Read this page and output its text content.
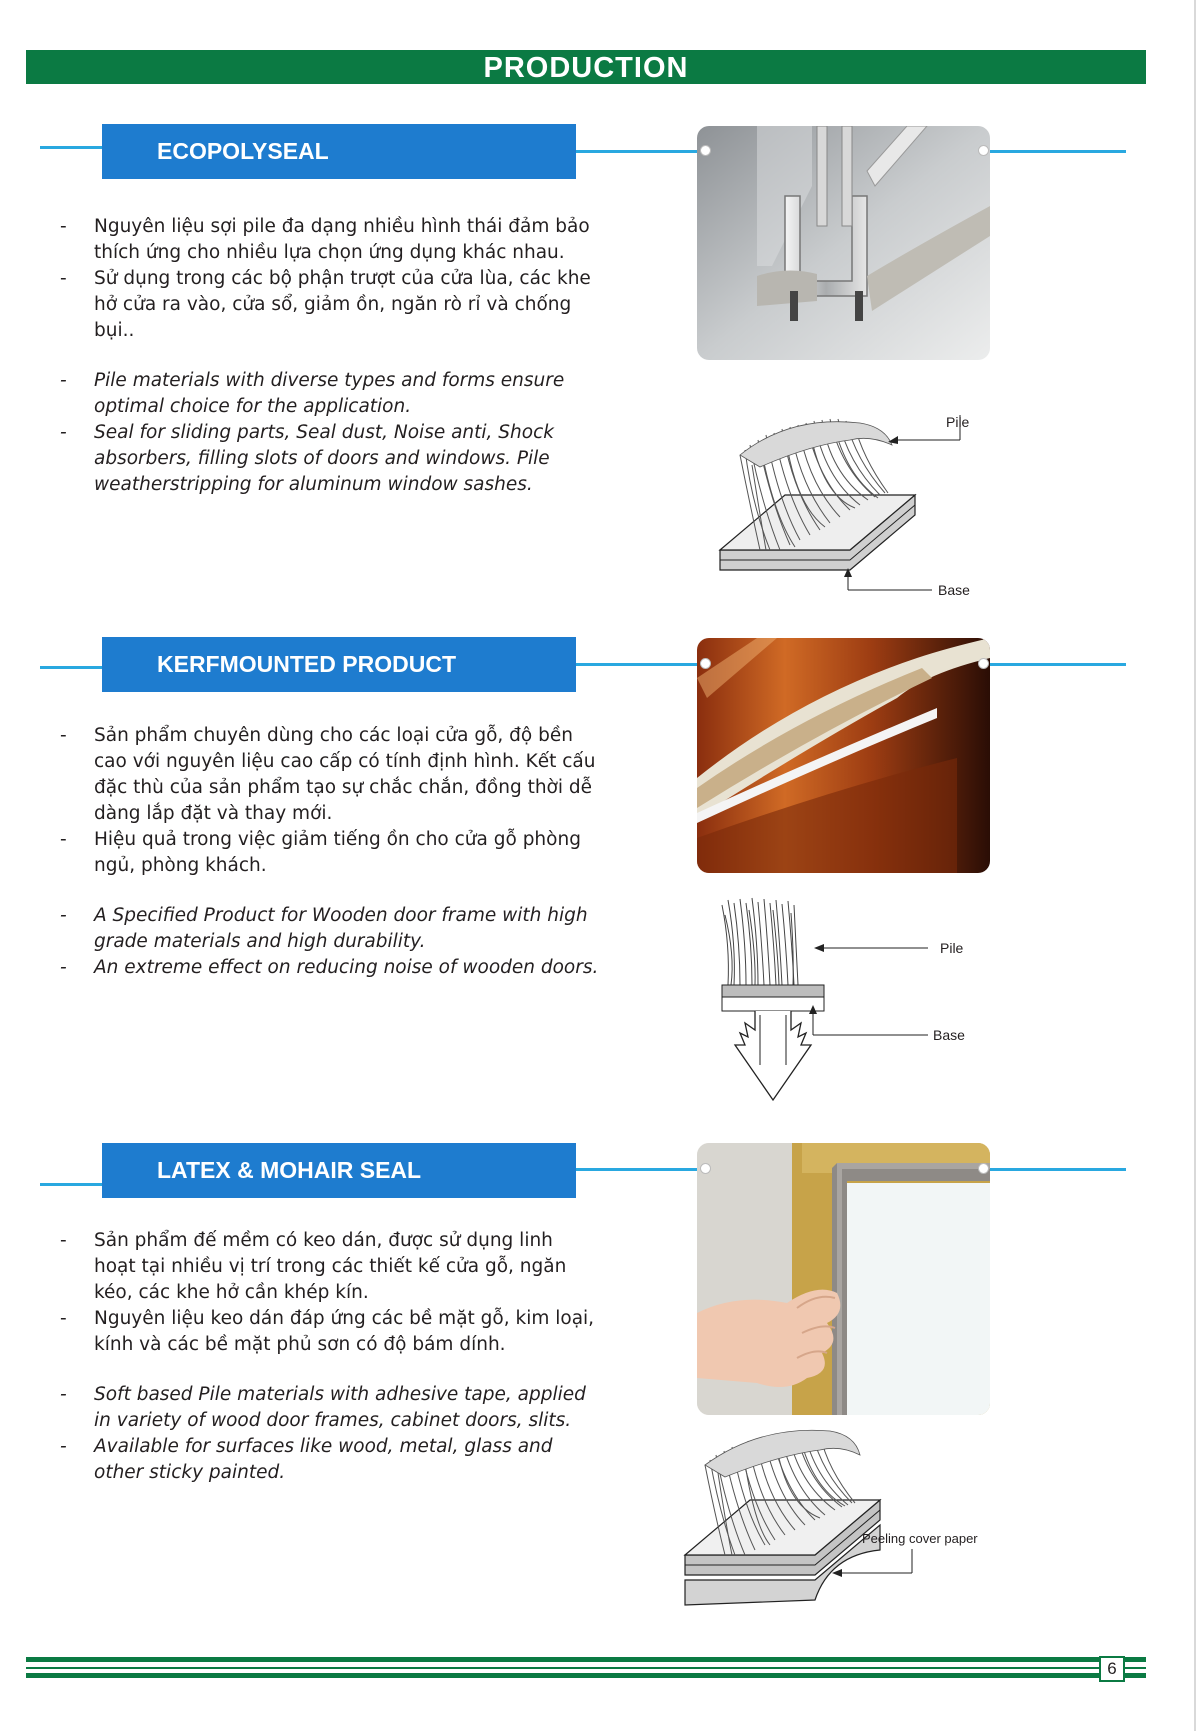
PRODUCTION
ECOPOLYSEAL
- Nguyên liệu sợi pile đa dạng nhiều hình thái đảm bảo thích ứng cho nhiều lựa chọn ứng dụng khác nhau.
- Sử dụng trong các bộ phận trượt của cửa lùa, các khe hở cửa ra vào, cửa sổ, giảm ồn, ngăn rò rỉ và chống bụi..
- Pile materials with diverse types and forms ensure optimal choice for the application.
- Seal for sliding parts, Seal dust, Noise anti, Shock absorbers, filling slots of doors and windows. Pile weatherstripping for aluminum window sashes.
Pile
Base
KERFMOUNTED PRODUCT
- Sản phẩm chuyên dùng cho các loại cửa gỗ, độ bền cao với nguyên liệu cao cấp có tính định hình. Kết cấu đặc thù của sản phẩm tạo sự chắc chắn, đồng thời dễ dàng lắp đặt và thay mới.
- Hiệu quả trong việc giảm tiếng ồn cho cửa gỗ phòng ngủ, phòng khách.
- A Specified Product for Wooden door frame with high grade materials and high durability.
- An extreme effect on reducing noise of wooden doors.
Pile
Base
LATEX & MOHAIR SEAL
- Sản phẩm đế mềm có keo dán, được sử dụng linh hoạt tại nhiều vị trí trong các thiết kế cửa gỗ, ngăn kéo, các khe hở cần khép kín.
- Nguyên liệu keo dán đáp ứng các bề mặt gỗ, kim loại, kính và các bề mặt phủ sơn có độ bám dính.
- Soft based Pile materials with adhesive tape, applied in variety of wood door frames, cabinet doors, slits.
- Available for surfaces like wood, metal, glass and other sticky painted.
Peeling cover paper
6
